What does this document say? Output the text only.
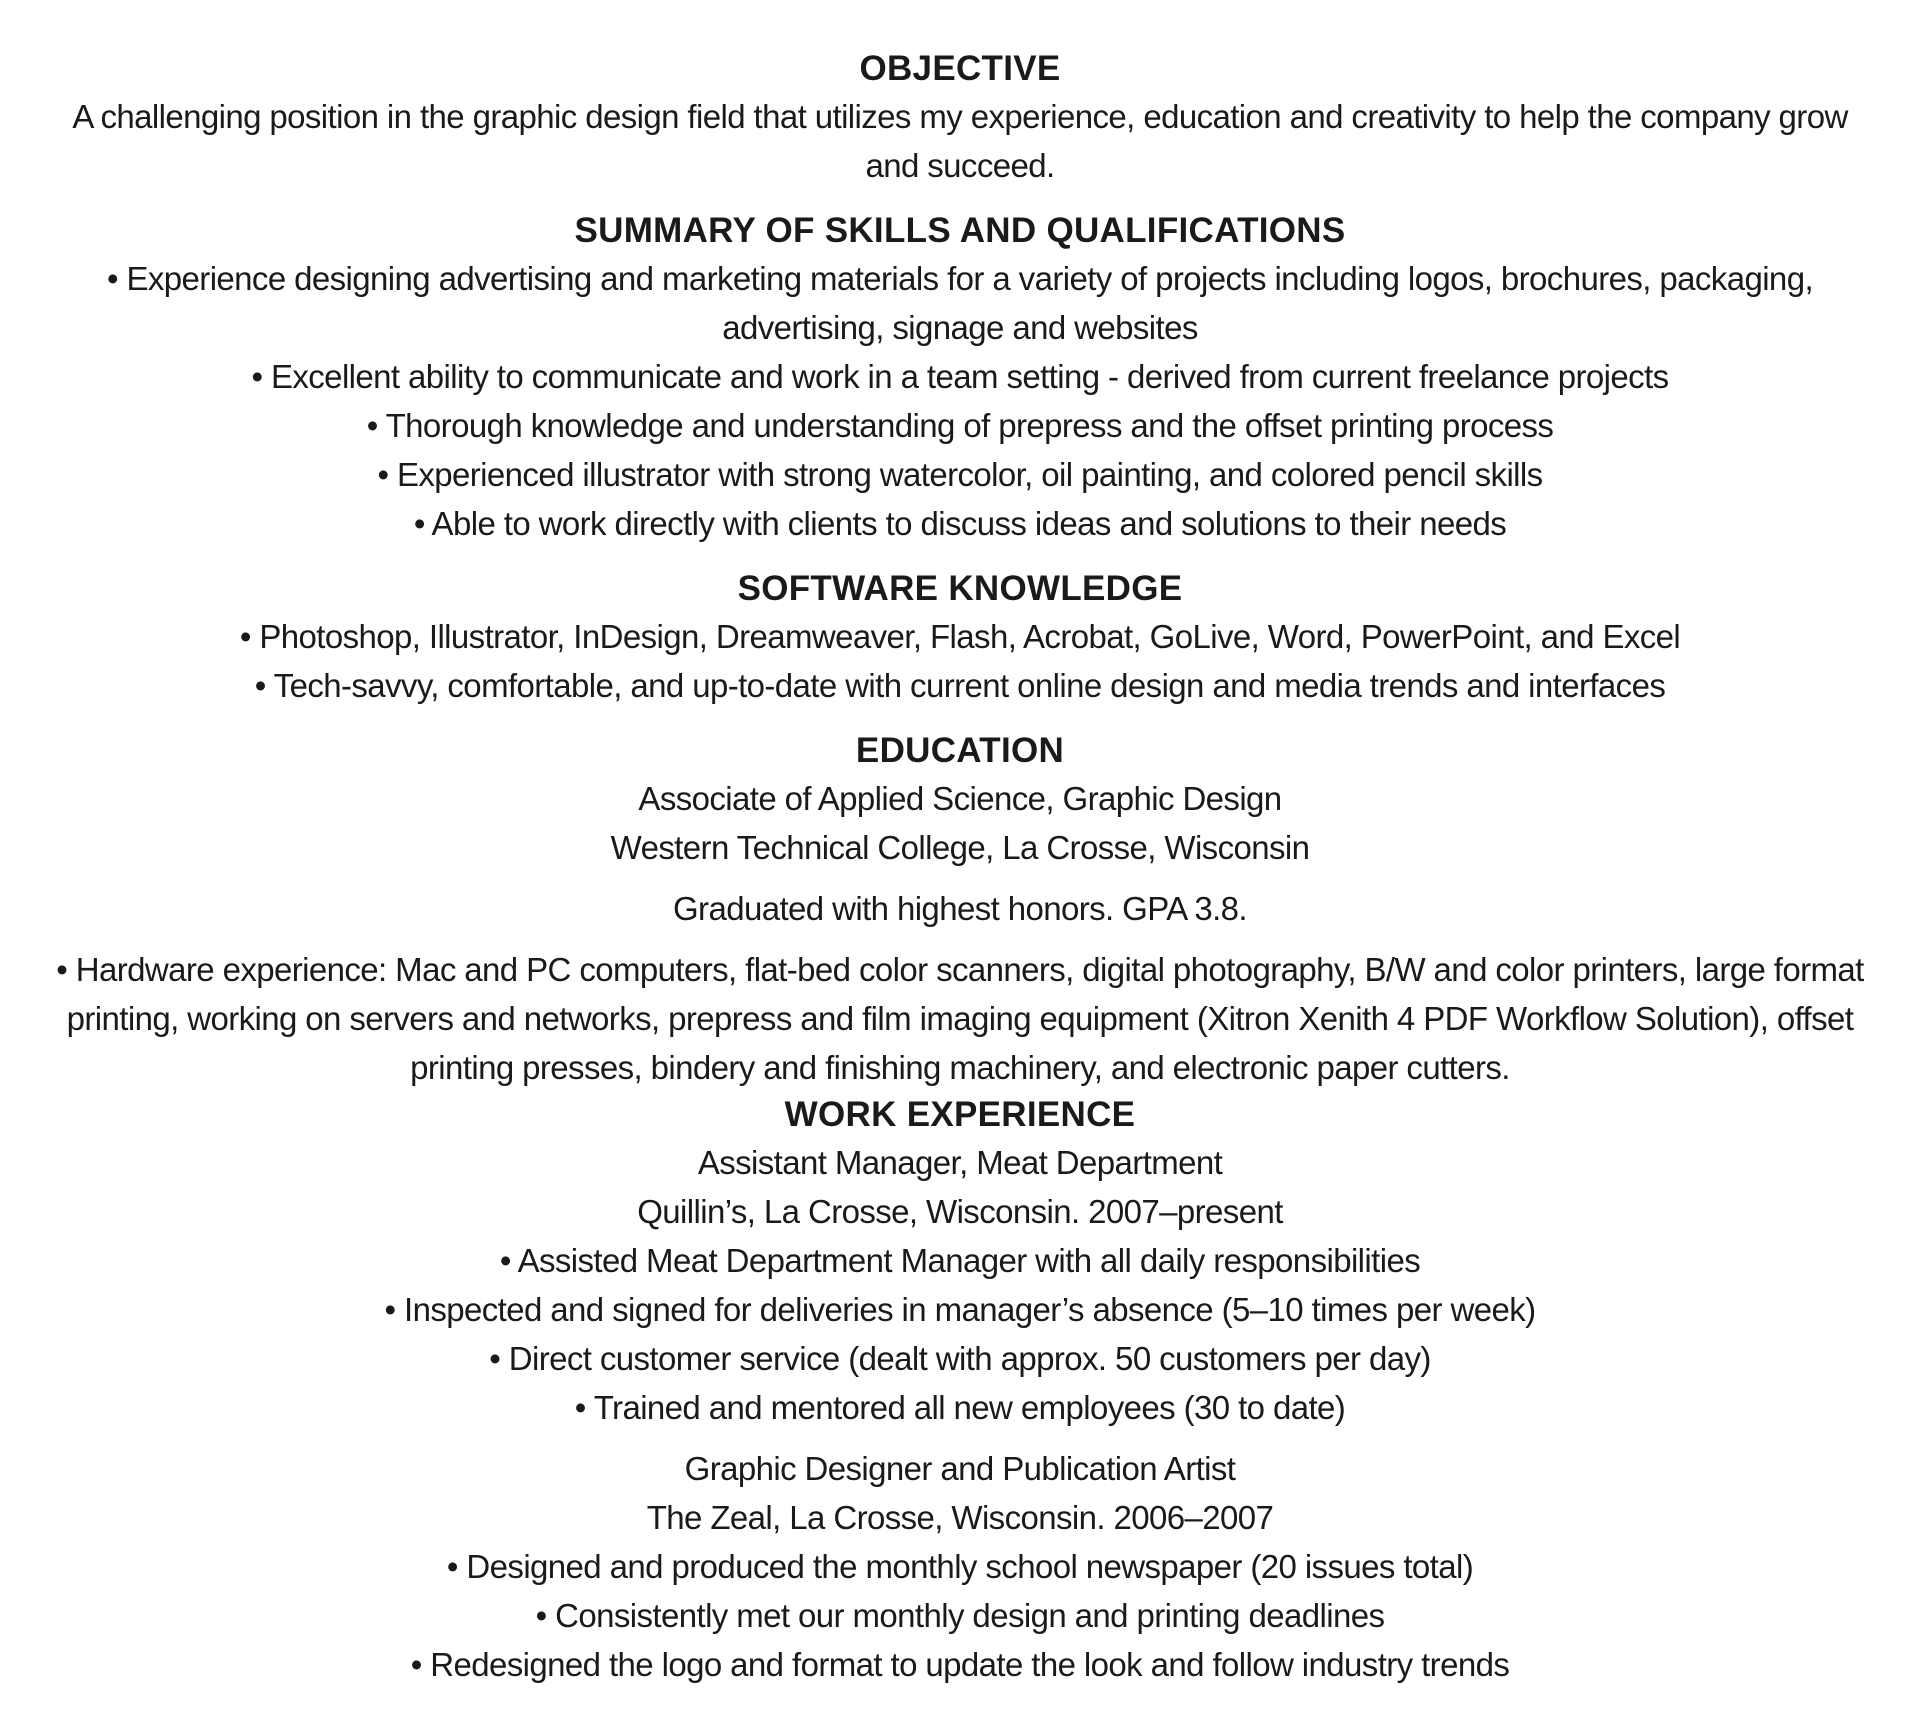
OBJECTIVE
A challenging position in the graphic design field that utilizes my experience, education and creativity to help the company grow and succeed.
SUMMARY OF SKILLS AND QUALIFICATIONS
• Experience designing advertising and marketing materials for a variety of projects including logos, brochures, packaging, advertising, signage and websites
• Excellent ability to communicate and work in a team setting - derived from current freelance projects
• Thorough knowledge and understanding of prepress and the offset printing process
• Experienced illustrator with strong watercolor, oil painting, and colored pencil skills
• Able to work directly with clients to discuss ideas and solutions to their needs
SOFTWARE KNOWLEDGE
• Photoshop, Illustrator, InDesign, Dreamweaver, Flash, Acrobat, GoLive, Word, PowerPoint, and Excel
• Tech-savvy, comfortable, and up-to-date with current online design and media trends and interfaces
EDUCATION
Associate of Applied Science, Graphic Design
Western Technical College, La Crosse, Wisconsin
Graduated with highest honors. GPA 3.8.
• Hardware experience: Mac and PC computers, flat-bed color scanners, digital photography, B/W and color printers, large format printing, working on servers and networks, prepress and film imaging equipment (Xitron Xenith 4 PDF Workflow Solution), offset printing presses, bindery and finishing machinery, and electronic paper cutters.
WORK EXPERIENCE
Assistant Manager, Meat Department
Quillin’s, La Crosse, Wisconsin. 2007–present
• Assisted Meat Department Manager with all daily responsibilities
• Inspected and signed for deliveries in manager’s absence (5–10 times per week)
• Direct customer service (dealt with approx. 50 customers per day)
• Trained and mentored all new employees (30 to date)
Graphic Designer and Publication Artist
The Zeal, La Crosse, Wisconsin. 2006–2007
• Designed and produced the monthly school newspaper (20 issues total)
• Consistently met our monthly design and printing deadlines
• Redesigned the logo and format to update the look and follow industry trends
